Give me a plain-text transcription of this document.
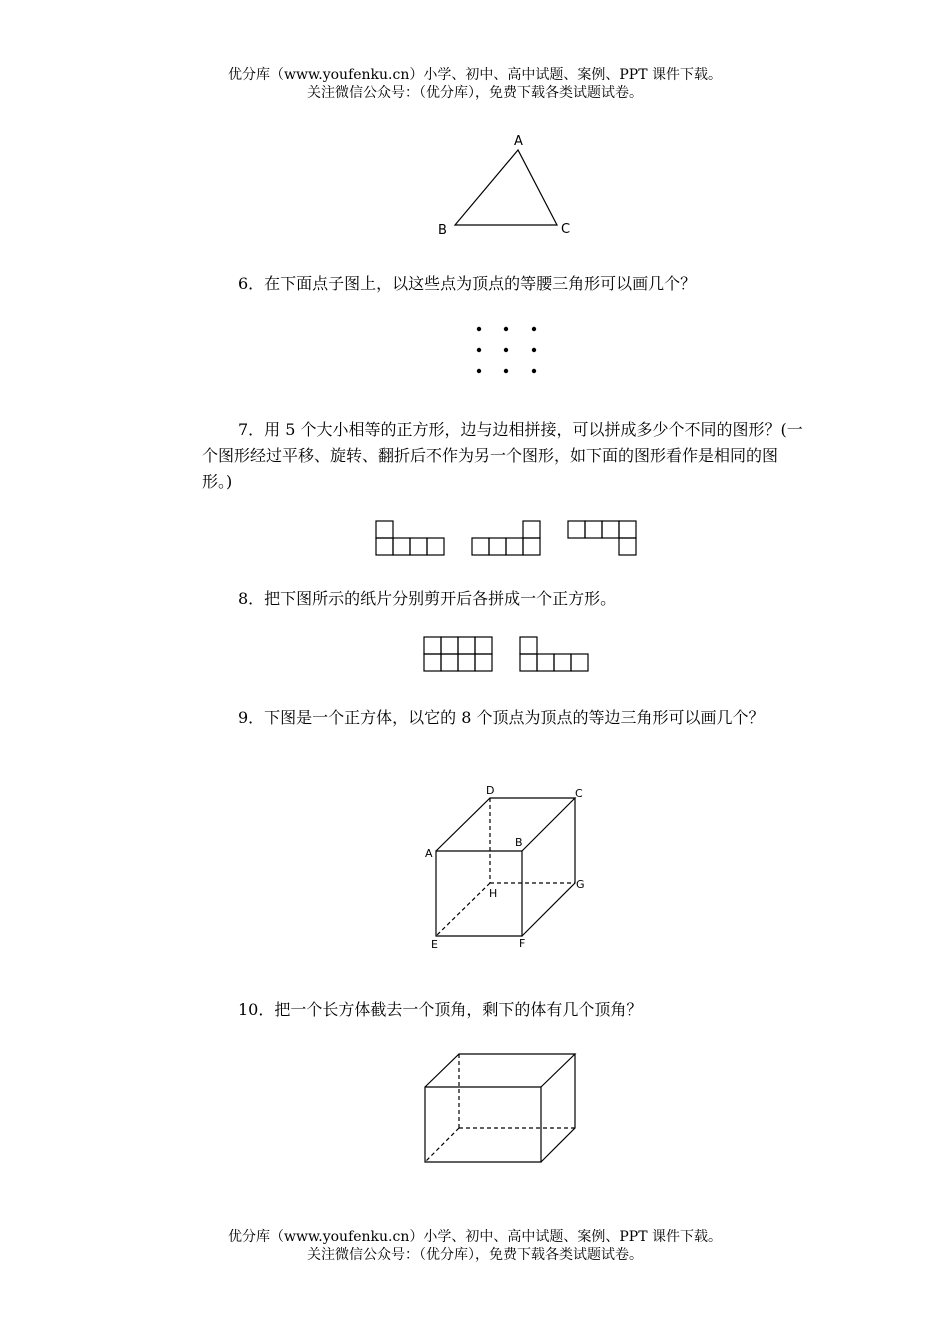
优分库（www.youfenku.cn）小学、初中、高中试题、案例、PPT 课件下载。
关注微信公众号：（优分库），免费下载各类试题试卷。
A
B	C
A
B
C
D
E	F
G
H

6．在下面点子图上，以这些点为顶点的等腰三角形可以画几个？

7．用 5 个大小相等的正方形，边与边相拼接，可以拼成多少个不同的图形？(一个图形经过平移、旋转、翻折后不作为另一个图形，如下面的图形看作是相同的图形。)

8．把下图所示的纸片分别剪开后各拼成一个正方形。

9．下图是一个正方体，以它的 8 个顶点为顶点的等边三角形可以画几个？

10．把一个长方体截去一个顶角，剩下的体有几个顶角？

优分库（www.youfenku.cn）小学、初中、高中试题、案例、PPT 课件下载。
关注微信公众号：（优分库），免费下载各类试题试卷。
